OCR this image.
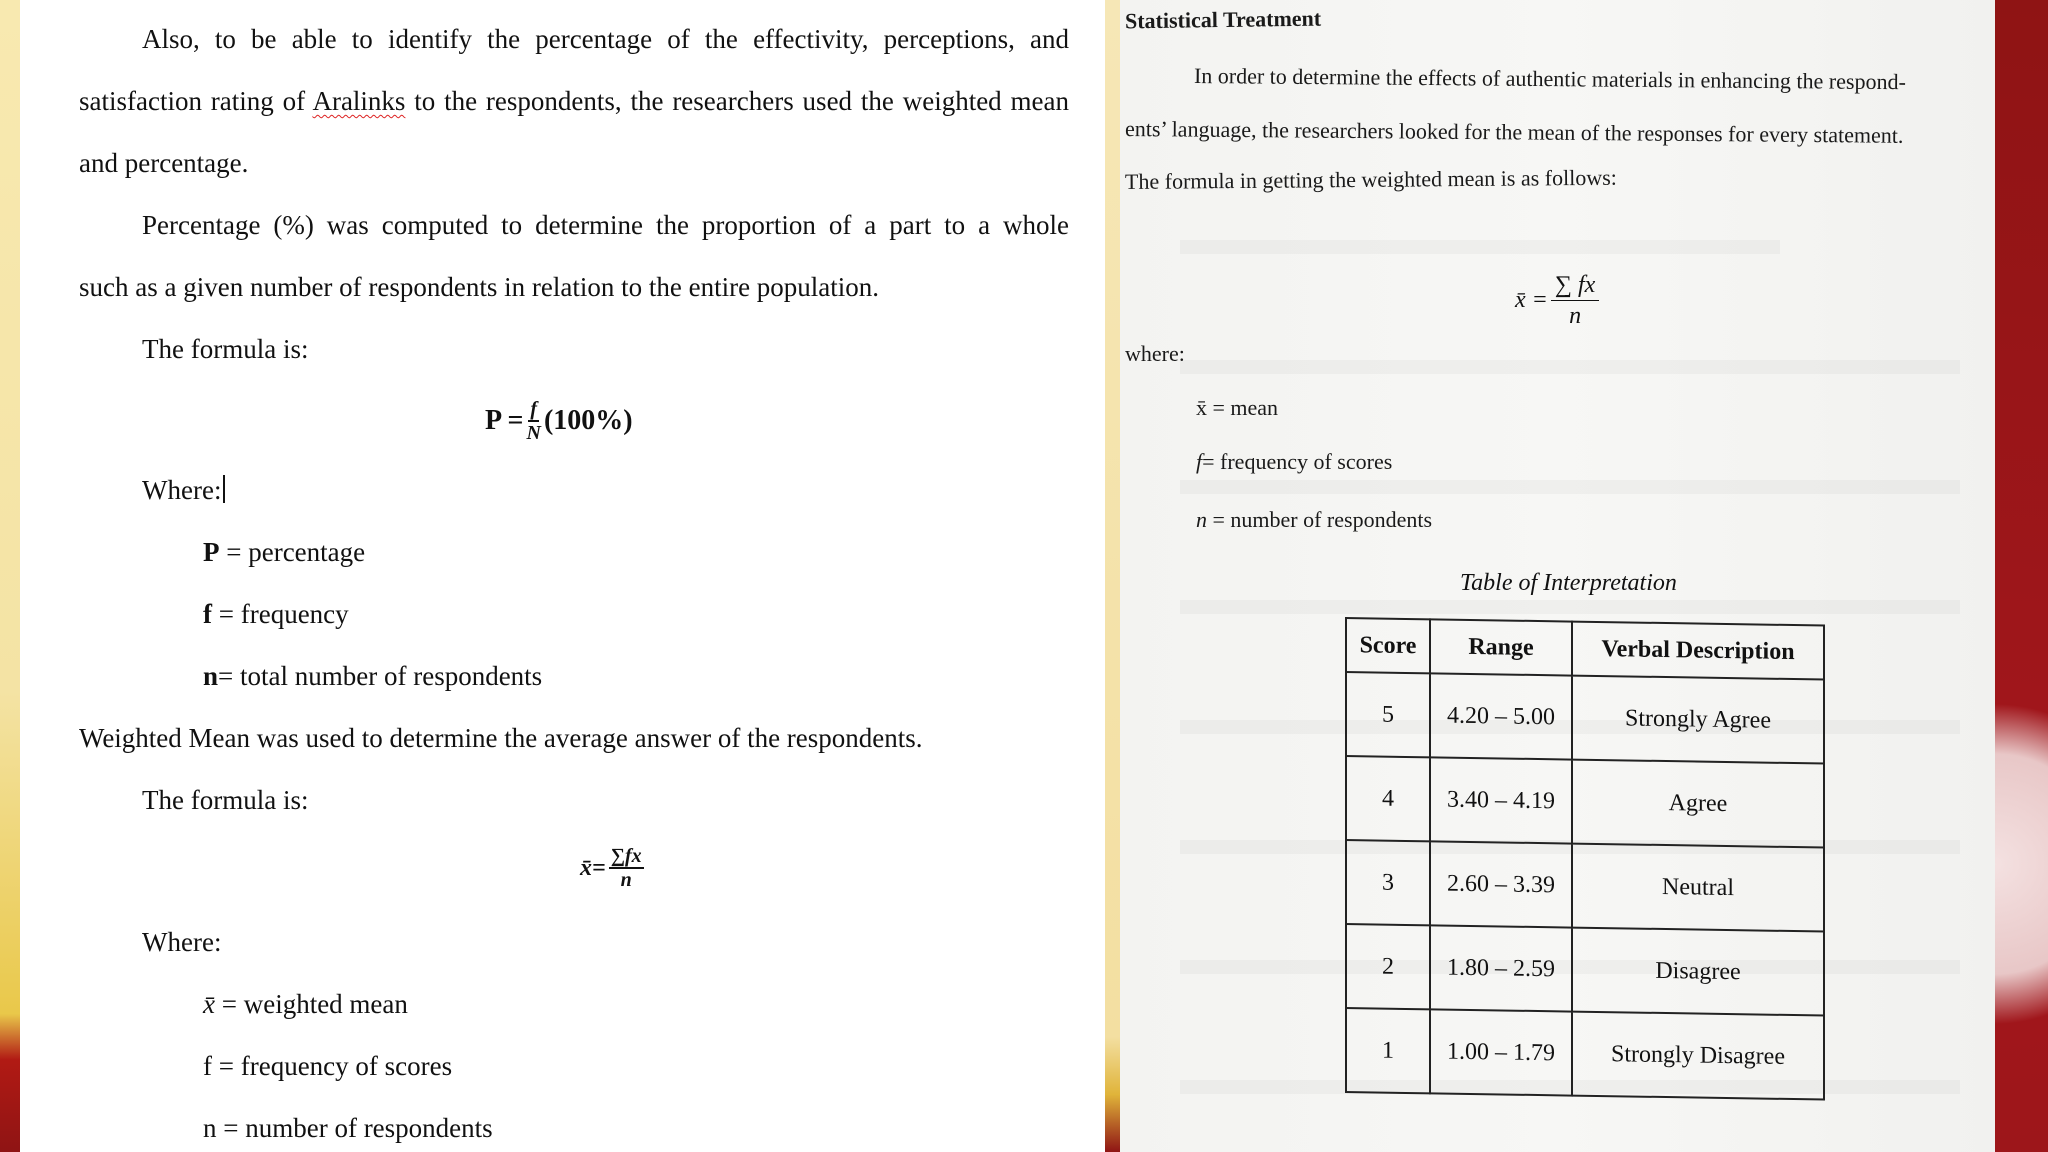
Also, to be able to identify the percentage of the effectivity, perceptions, and
satisfaction rating of Aralinks to the respondents, the researchers used the weighted mean
and percentage.
Percentage (%) was computed to determine the proportion of a part to a whole
such as a given number of respondents in relation to the entire population.
The formula is:
$P = \frac{f}{N} (100\%)$
Where:
P = percentage
f = frequency
n= total number of respondents
Weighted Mean was used to determine the average answer of the respondents.
The formula is:
x̄= $\frac{\sum fx}{n}$
Where:
x̄ = weighted mean
f = frequency of scores
n = number of respondents
Statistical Treatment
In order to determine the effects of authentic materials in enhancing the respond-
ents’ language, the researchers looked for the mean of the responses for every statement.
The formula in getting the weighted mean is as follows:
x̄ = $\frac{\sum fx}{n}$
where:
x̄ = mean
f= frequency of scores
n = number of respondents
Table of Interpretation
Score	Range	Verbal Description
5	4.20 – 5.00	Strongly Agree
4	3.40 – 4.19	Agree
3	2.60 – 3.39	Neutral
2	1.80 – 2.59	Disagree
1	1.00 – 1.79	Strongly Disagree
